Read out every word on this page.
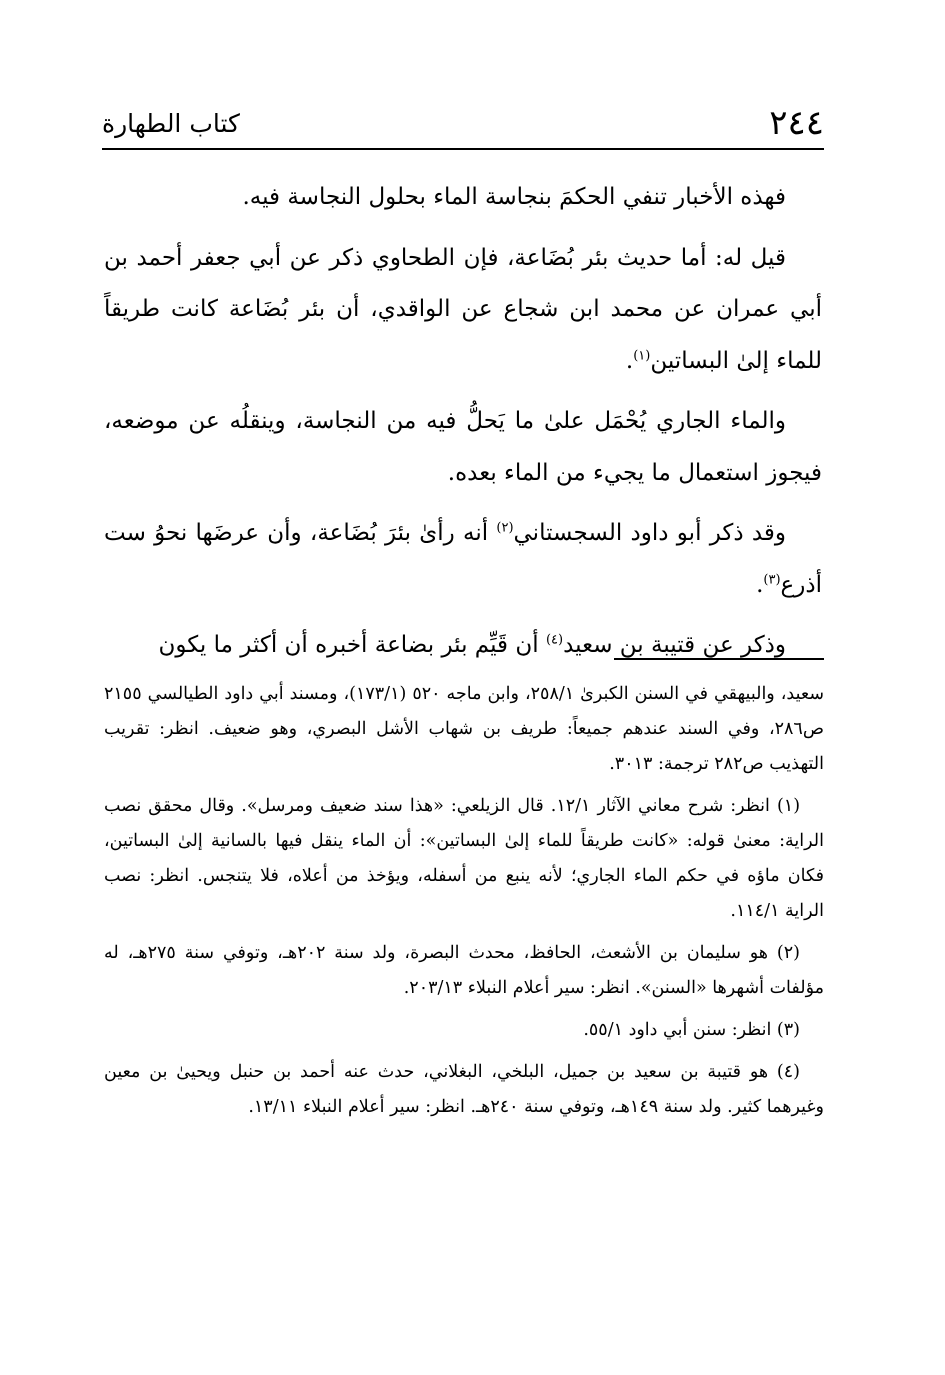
٢٤٤
كتاب الطهارة

فهذه الأخبار تنفي الحكمَ بنجاسة الماء بحلول النجاسة فيه.

قيل له: أما حديث بئر بُضَاعة، فإن الطحاوي ذكر عن أبي جعفر أحمد بن أبي عمران عن محمد ابن شجاع عن الواقدي، أن بئر بُضَاعة كانت طريقاً للماء إلىٰ البساتين$^{(١)}$.

والماء الجاري يُحْمَل علىٰ ما يَحلُّ فيه من النجاسة، وينقلُه عن موضعه، فيجوز استعمال ما يجيء من الماء بعده.

وقد ذكر أبو داود السجستاني$^{(٢)}$ أنه رأىٰ بئرَ بُضَاعة، وأن عرضَها نحوُ ست أذرع$^{(٣)}$.

وذكر عن قتيبة بن سعيد$^{(٤)}$ أن قَيِّم بئر بضاعة أخبره أن أكثر ما يكون

سعيد، والبيهقي في السنن الكبرىٰ ٢٥٨/١، وابن ماجه ٥٢٠ (١٧٣/١)، ومسند أبي داود الطيالسي ٢١٥٥ ص٢٨٦، وفي السند عندهم جميعاً: طريف بن شهاب الأشل البصري، وهو ضعيف. انظر: تقريب التهذيب ص٢٨٢ ترجمة: ٣٠١٣.

(١) انظر: شرح معاني الآثار ١٢/١. قال الزيلعي: «هذا سند ضعيف ومرسل». وقال محقق نصب الراية: معنىٰ قوله: «كانت طريقاً للماء إلىٰ البساتين»: أن الماء ينقل فيها بالسانية إلىٰ البساتين، فكان ماؤه في حكم الماء الجاري؛ لأنه ينبع من أسفله، ويؤخذ من أعلاه، فلا يتنجس. انظر: نصب الراية ١١٤/١.

(٢) هو سليمان بن الأشعث، الحافظ، محدث البصرة، ولد سنة ٢٠٢هـ، وتوفي سنة ٢٧٥هـ، له مؤلفات أشهرها «السنن». انظر: سير أعلام النبلاء ٢٠٣/١٣.

(٣) انظر: سنن أبي داود ٥٥/١.

(٤) هو قتيبة بن سعيد بن جميل، البلخي، البغلاني، حدث عنه أحمد بن حنبل ويحيىٰ بن معين وغيرهما كثير. ولد سنة ١٤٩هـ، وتوفي سنة ٢٤٠هـ. انظر: سير أعلام النبلاء ١٣/١١.
